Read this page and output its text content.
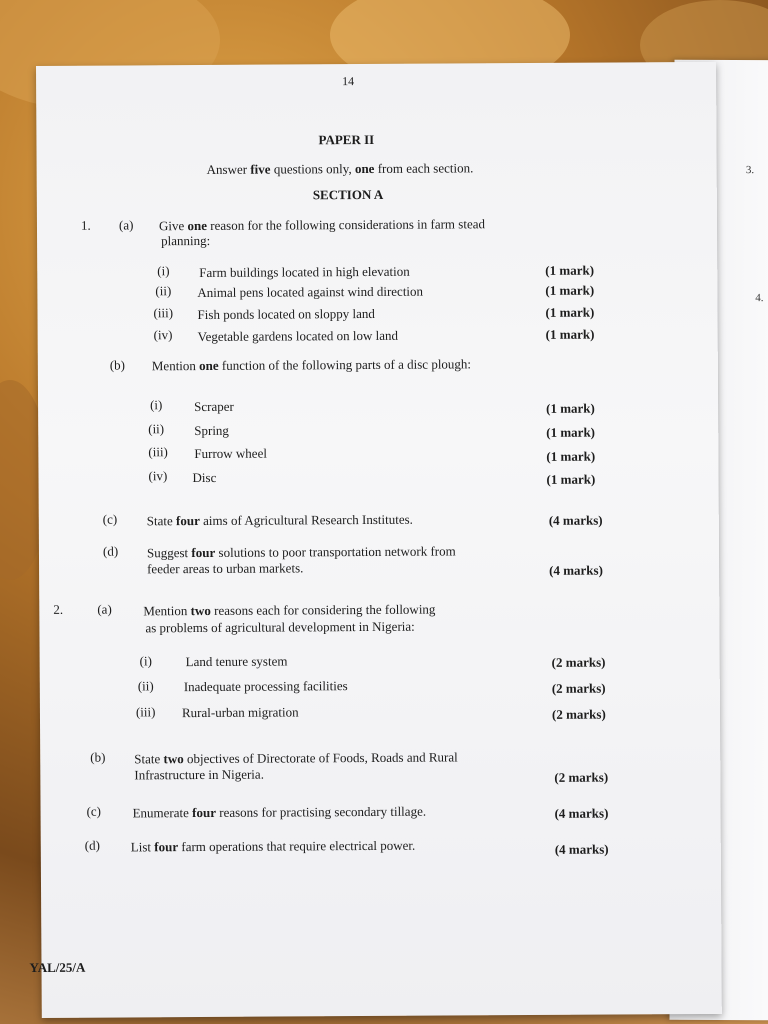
3.
4.
14
PAPER II
Answer five questions only, one from each section.
SECTION A
1. (a) Give one reason for the following considerations in farm stead
planning:
(i) Farm buildings located in high elevation	(1 mark)
(ii) Animal pens located against wind direction	(1 mark)
(iii) Fish ponds located on sloppy land	(1 mark)
(iv) Vegetable gardens located on low land	(1 mark)
(b) Mention one function of the following parts of a disc plough:
(i) Scraper	(1 mark)
(ii) Spring	(1 mark)
(iii) Furrow wheel	(1 mark)
(iv) Disc	(1 mark)
(c) State four aims of Agricultural Research Institutes.	(4 marks)
(d) Suggest four solutions to poor transportation network from
feeder areas to urban markets.	(4 marks)
2.	(a) Mention two reasons each for considering the following
as problems of agricultural development in Nigeria:
(i)	Land tenure system	(2 marks)
(ii) Inadequate processing facilities	(2 marks)
(iii) Rural-urban migration	(2 marks)
(b) State two objectives of Directorate of Foods, Roads and Rural
Infrastructure in Nigeria.	(2 marks)
(c) Enumerate four reasons for practising secondary tillage.	(4 marks)
(d) List four farm operations that require electrical power.	(4 marks)
YAL/25/A
